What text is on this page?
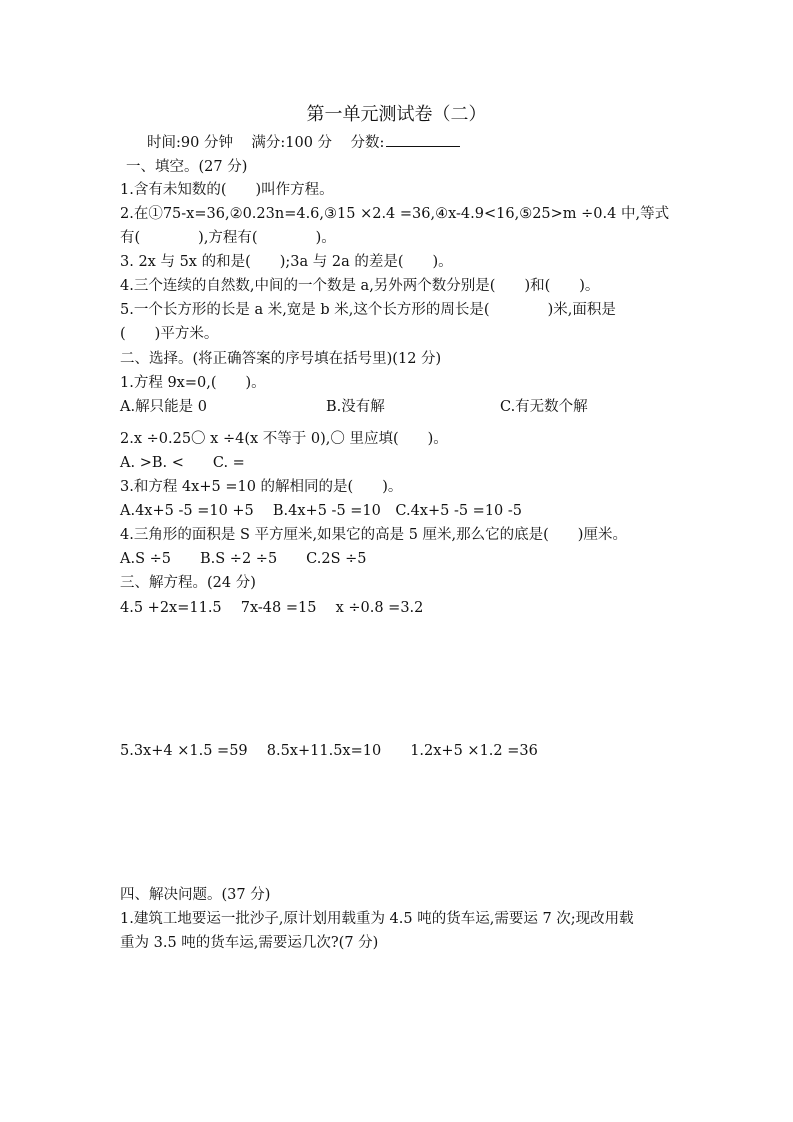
第一单元测试卷（二）
时间:90 分钟 满分:100 分 分数:
一、填空。(27 分)
1.含有未知数的(　　)叫作方程。
2.在①75-x=36,②0.23n=4.6,③15 ×2.4 =36,④x-4.9<16,⑤25>m ÷0.4 中,等式
有(　　　　),方程有(　　　　)。
3. 2x 与 5x 的和是(　　);3a 与 2a 的差是(　　)。
4.三个连续的自然数,中间的一个数是 a,另外两个数分别是(　　)和(　　)。
5.一个长方形的长是 a 米,宽是 b 米,这个长方形的周长是(　　　　)米,面积是
(　　)平方米。
二、选择。(将正确答案的序号填在括号里)(12 分)
1.方程 9x=0,(　　)。
A.解只能是 0	B.没有解	C.有无数个解
2.x ÷0.25〇 x ÷4(x 不等于 0),〇 里应填(　　)。
A. >B. <　　C. =
3.和方程 4x+5 =10 的解相同的是(　　)。
A.4x+5 -5 =10 +5　 B.4x+5 -5 =10　C.4x+5 -5 =10 -5
4.三角形的面积是 S 平方厘米,如果它的高是 5 厘米,那么它的底是(　　)厘米。
A.S ÷5　　B.S ÷2 ÷5　　C.2S ÷5
三、解方程。(24 分)
4.5 +2x=11.5　 7x-48 =15　 x ÷0.8 =3.2
5.3x+4 ×1.5 =59　 8.5x+11.5x=10　　1.2x+5 ×1.2 =36
四、解决问题。(37 分)
1.建筑工地要运一批沙子,原计划用载重为 4.5 吨的货车运,需要运 7 次;现改用载
重为 3.5 吨的货车运,需要运几次?(7 分)
